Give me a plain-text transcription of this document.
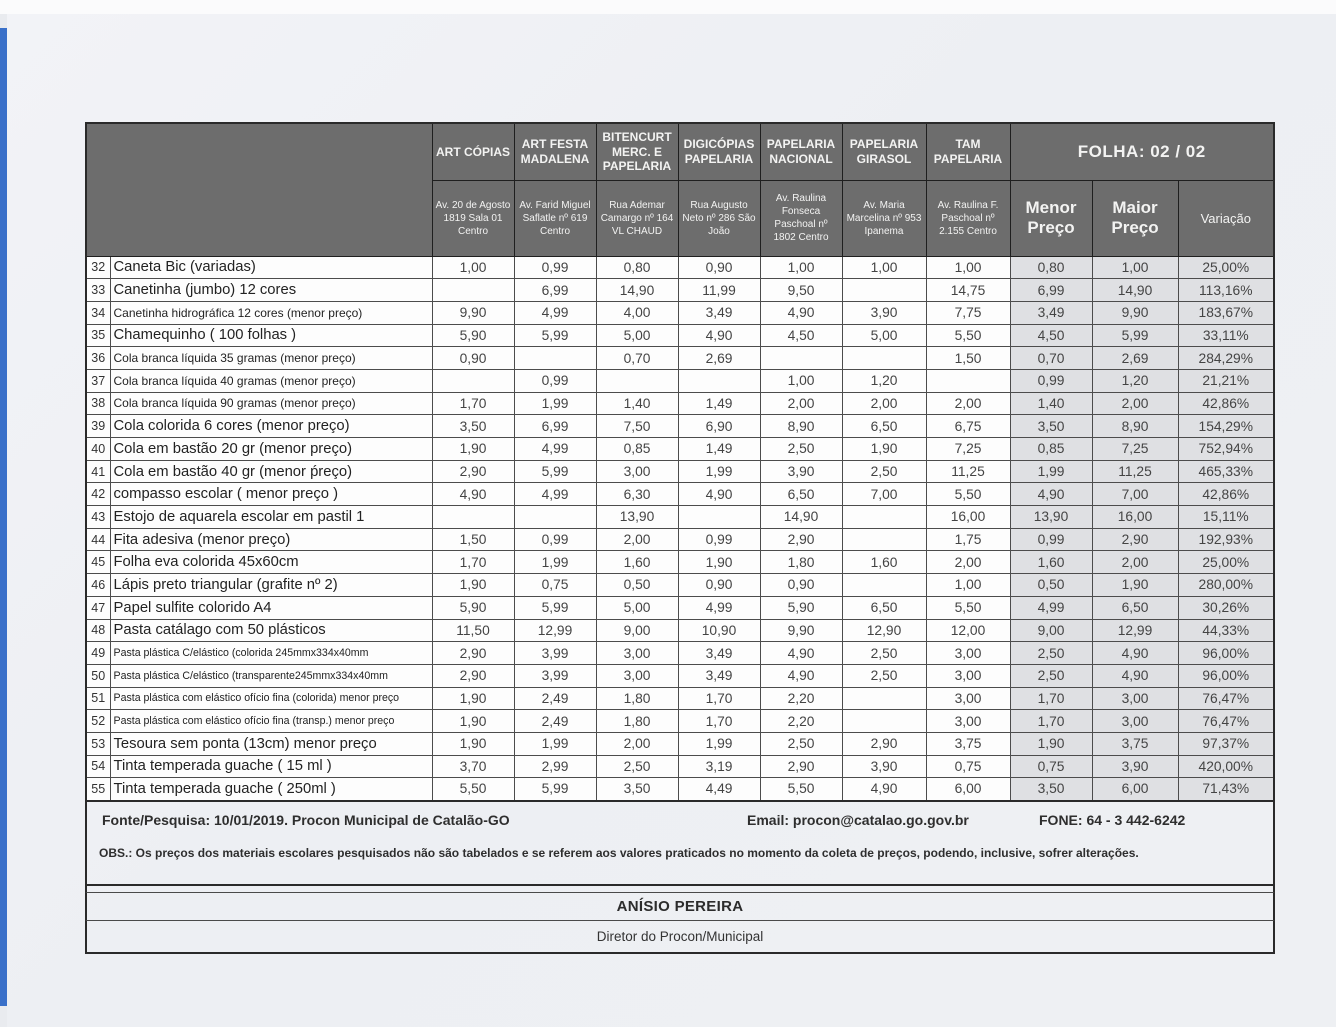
		ART CÓPIAS	ART FESTA MADALENA	BITENCURT MERC. E PAPELARIA	DIGICÓPIAS PAPELARIA	PAPELARIA NACIONAL	PAPELARIA GIRASOL	TAM PAPELARIA	FOLHA: 02 / 02		
		Av. 20 de Agosto 1819 Sala 01 Centro	Av. Farid Miguel Saflatle nº 619 Centro	Rua Ademar Camargo nº 164 VL CHAUD	Rua Augusto Neto nº 286 São João	Av. Raulina Fonseca Paschoal nº 1802 Centro	Av. Maria Marcelina nº 953 Ipanema	Av. Raulina F. Paschoal nº 2.155 Centro	Menor Preço	Maior Preço	Variação
32	Caneta Bic (variadas)	1,00	0,99	0,80	0,90	1,00	1,00	1,00	0,80	1,00	25,00%
33	Canetinha (jumbo) 12 cores		6,99	14,90	11,99	9,50		14,75	6,99	14,90	113,16%
34	Canetinha hidrográfica 12 cores (menor preço)	9,90	4,99	4,00	3,49	4,90	3,90	7,75	3,49	9,90	183,67%
35	Chamequinho ( 100 folhas )	5,90	5,99	5,00	4,90	4,50	5,00	5,50	4,50	5,99	33,11%
36	Cola branca líquida 35 gramas (menor preço)	0,90		0,70	2,69			1,50	0,70	2,69	284,29%
37	Cola branca líquida 40 gramas (menor preço)		0,99			1,00	1,20		0,99	1,20	21,21%
38	Cola branca líquida 90 gramas (menor preço)	1,70	1,99	1,40	1,49	2,00	2,00	2,00	1,40	2,00	42,86%
39	Cola colorida 6 cores (menor preço)	3,50	6,99	7,50	6,90	8,90	6,50	6,75	3,50	8,90	154,29%
40	Cola em bastão 20 gr (menor preço)	1,90	4,99	0,85	1,49	2,50	1,90	7,25	0,85	7,25	752,94%
41	Cola em bastão 40 gr (menor ṕreço)	2,90	5,99	3,00	1,99	3,90	2,50	11,25	1,99	11,25	465,33%
42	compasso escolar ( menor preço )	4,90	4,99	6,30	4,90	6,50	7,00	5,50	4,90	7,00	42,86%
43	Estojo de aquarela escolar em pastil 1			13,90		14,90		16,00	13,90	16,00	15,11%
44	Fita adesiva (menor preço)	1,50	0,99	2,00	0,99	2,90		1,75	0,99	2,90	192,93%
45	Folha eva colorida 45x60cm	1,70	1,99	1,60	1,90	1,80	1,60	2,00	1,60	2,00	25,00%
46	Lápis preto triangular (grafite nº 2)	1,90	0,75	0,50	0,90	0,90		1,00	0,50	1,90	280,00%
47	Papel sulfite colorido A4	5,90	5,99	5,00	4,99	5,90	6,50	5,50	4,99	6,50	30,26%
48	Pasta catálago com 50 plásticos	11,50	12,99	9,00	10,90	9,90	12,90	12,00	9,00	12,99	44,33%
49	Pasta plástica C/elástico (colorida 245mmx334x40mm	2,90	3,99	3,00	3,49	4,90	2,50	3,00	2,50	4,90	96,00%
50	Pasta plástica C/elástico (transparente245mmx334x40mm	2,90	3,99	3,00	3,49	4,90	2,50	3,00	2,50	4,90	96,00%
51	Pasta plástica com elástico ofício fina (colorida) menor preço	1,90	2,49	1,80	1,70	2,20		3,00	1,70	3,00	76,47%
52	Pasta plástica com elástico ofício fina (transp.) menor preço	1,90	2,49	1,80	1,70	2,20		3,00	1,70	3,00	76,47%
53	Tesoura sem ponta (13cm) menor preço	1,90	1,99	2,00	1,99	2,50	2,90	3,75	1,90	3,75	97,37%
54	Tinta temperada guache ( 15 ml )	3,70	2,99	2,50	3,19	2,90	3,90	0,75	0,75	3,90	420,00%
55	Tinta temperada guache ( 250ml )	5,50	5,99	3,50	4,49	5,50	4,90	6,00	3,50	6,00	71,43%
Fonte/Pesquisa: 10/01/2019. Procon Municipal de Catalão-GO	Email: procon@catalao.go.gov.br	FONE: 64 - 3 442-6242
OBS.: Os preços dos materiais escolares pesquisados não são tabelados e se referem aos valores praticados no momento da coleta de preços, podendo, inclusive, sofrer alterações.
ANÍSIO PEREIRA
Diretor do Procon/Municipal
